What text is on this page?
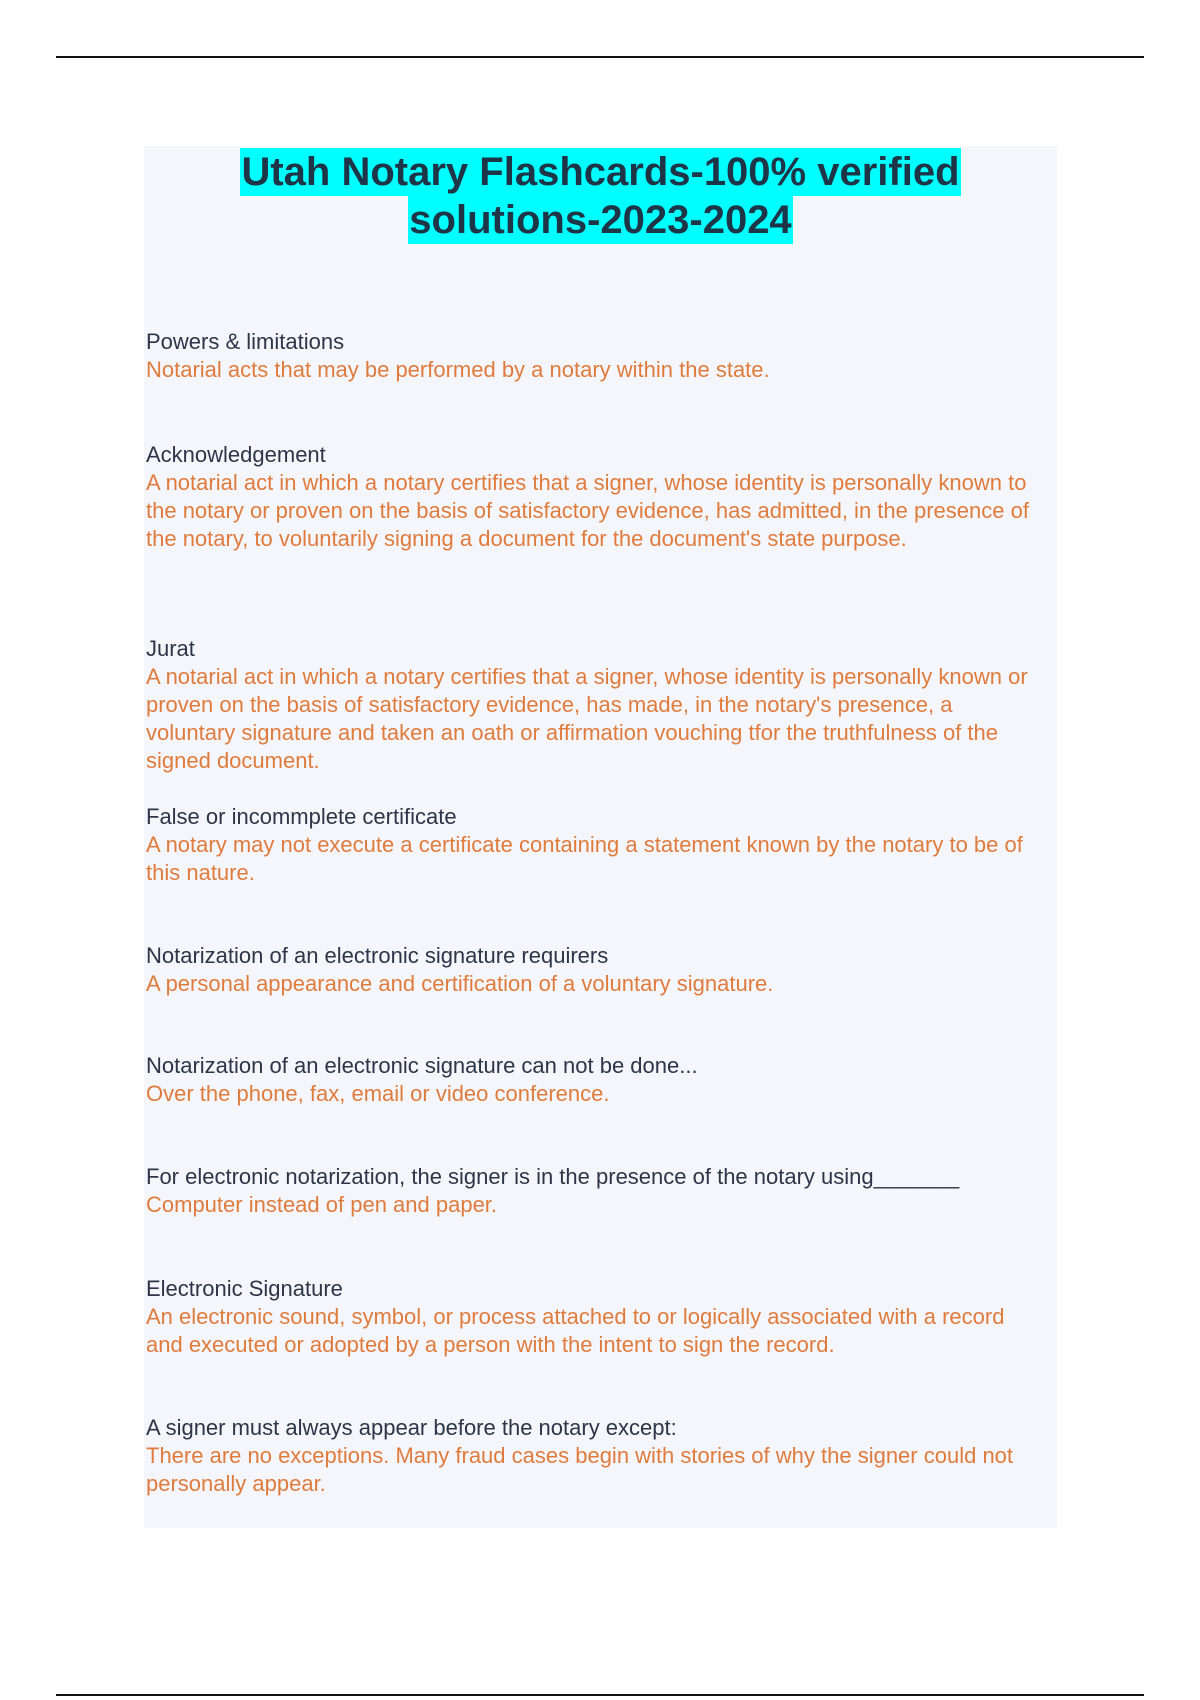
Utah Notary Flashcards-100% verified
solutions-2023-2024
Powers & limitations
Notarial acts that may be performed by a notary within the state.
Acknowledgement
A notarial act in which a notary certifies that a signer, whose identity is personally known to the notary or proven on the basis of satisfactory evidence, has admitted, in the presence of the notary, to voluntarily signing a document for the document's state purpose.
Jurat
A notarial act in which a notary certifies that a signer, whose identity is personally known or proven on the basis of satisfactory evidence, has made, in the notary's presence, a voluntary signature and taken an oath or affirmation vouching tfor the truthfulness of the signed document.
False or incommplete certificate
A notary may not execute a certificate containing a statement known by the notary to be of this nature.
Notarization of an electronic signature requirers
A personal appearance and certification of a voluntary signature.
Notarization of an electronic signature can not be done...
Over the phone, fax, email or video conference.
For electronic notarization, the signer is in the presence of the notary using_______
Computer instead of pen and paper.
Electronic Signature
An electronic sound, symbol, or process attached to or logically associated with a record and executed or adopted by a person with the intent to sign the record.
A signer must always appear before the notary except:
There are no exceptions. Many fraud cases begin with stories of why the signer could not personally appear.
